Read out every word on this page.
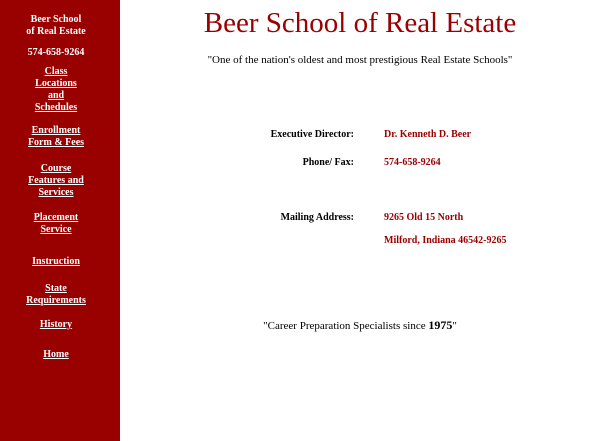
Beer School
of Real Estate
574-658-9264
Class
Locations
and
Schedules
Enrollment
Form & Fees
Course
Features and
Services
Placement
Service
Instruction
State
Requirements
History
Home
Beer School of Real Estate
"One of the nation's oldest and most prestigious Real Estate Schools"
Executive Director:	Dr. Kenneth D. Beer
Phone/ Fax:	574-658-9264
Mailing Address:	9265 Old 15 North
Milford, Indiana 46542-9265
"Career Preparation Specialists since 1975"
